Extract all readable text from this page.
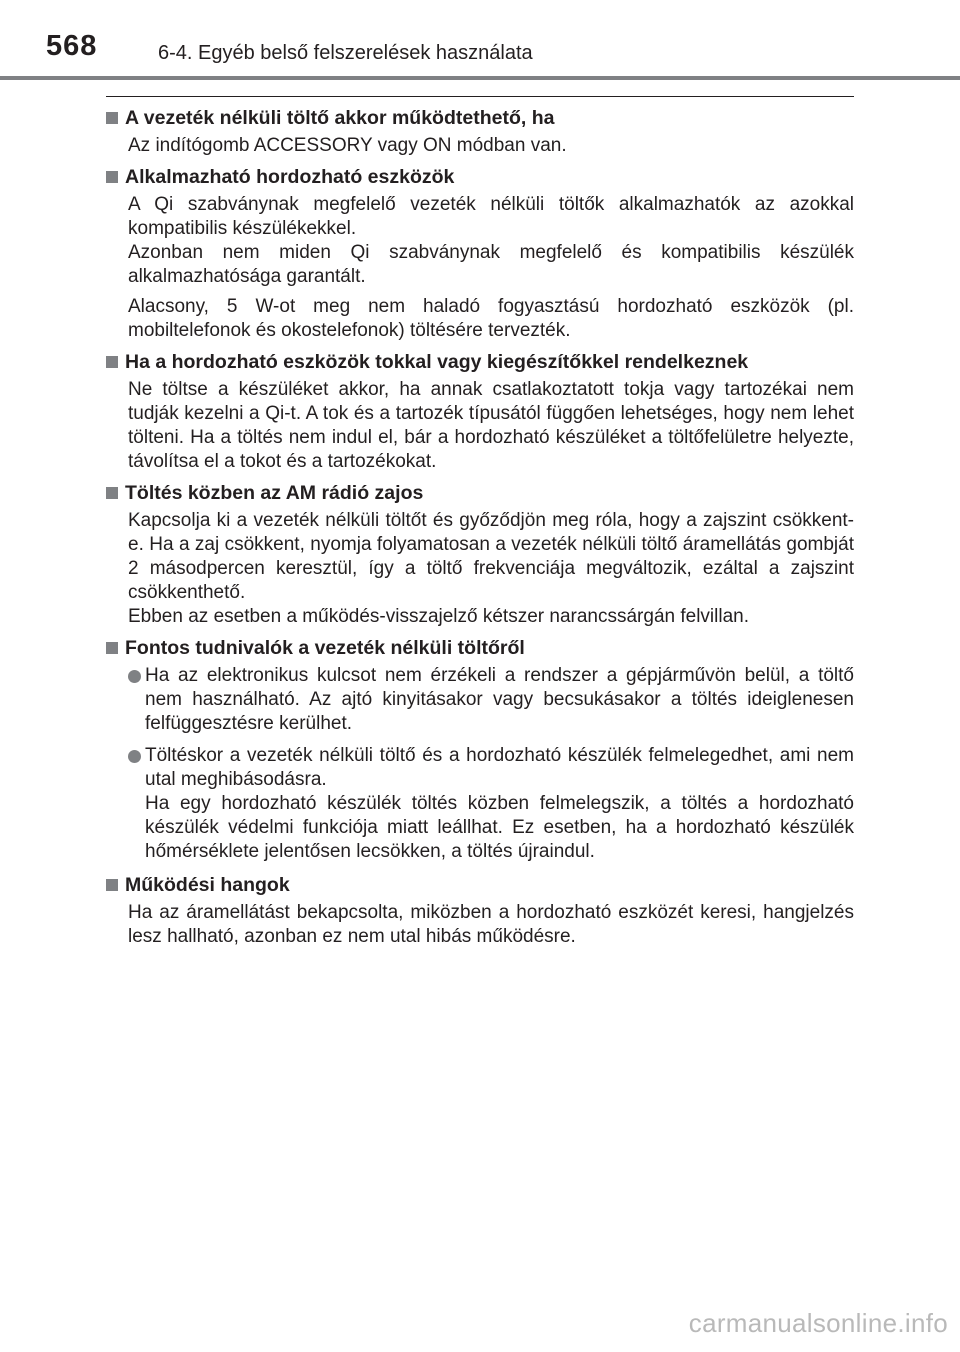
568	6-4. Egyéb belső felszerelések használata
A vezeték nélküli töltő akkor működtethető, ha

Az indítógomb ACCESSORY vagy ON módban van.

Alkalmazható hordozható eszközök

A Qi szabványnak megfelelő vezeték nélküli töltők alkalmazhatók az azokkal kompatibilis készülékekkel.

Azonban nem miden Qi szabványnak megfelelő és kompatibilis készülék alkalmazhatósága garantált.

Alacsony, 5 W-ot meg nem haladó fogyasztású hordozható eszközök (pl. mobiltelefonok és okostelefonok) töltésére tervezték.

Ha a hordozható eszközök tokkal vagy kiegészítőkkel rendelkeznek

Ne töltse a készüléket akkor, ha annak csatlakoztatott tokja vagy tartozékai nem tudják kezelni a Qi-t. A tok és a tartozék típusától függően lehetséges, hogy nem lehet tölteni. Ha a töltés nem indul el, bár a hordozható készüléket a töltőfelületre helyezte, távolítsa el a tokot és a tartozékokat.

Töltés közben az AM rádió zajos

Kapcsolja ki a vezeték nélküli töltőt és győződjön meg róla, hogy a zajszint csökkent-e. Ha a zaj csökkent, nyomja folyamatosan a vezeték nélküli töltő áramellátás gombját 2 másodpercen keresztül, így a töltő frekvenciája megváltozik, ezáltal a zajszint csökkenthető.

Ebben az esetben a működés-visszajelző kétszer narancssárgán felvillan.

Fontos tudnivalók a vezeték nélküli töltőről
Ha az elektronikus kulcsot nem érzékeli a rendszer a gépjárművön belül, a töltő nem használható. Az ajtó kinyitásakor vagy becsukásakor a töltés ideiglenesen felfüggesztésre kerülhet.
Töltéskor a vezeték nélküli töltő és a hordozható készülék felmelegedhet, ami nem utal meghibásodásra.
Ha egy hordozható készülék töltés közben felmelegszik, a töltés a hordozható készülék védelmi funkciója miatt leállhat. Ez esetben, ha a hordozható készülék hőmérséklete jelentősen lecsökken, a töltés újraindul.
Működési hangok

Ha az áramellátást bekapcsolta, miközben a hordozható eszközét keresi, hangjelzés lesz hallható, azonban ez nem utal hibás működésre.

carmanualsonline.info
